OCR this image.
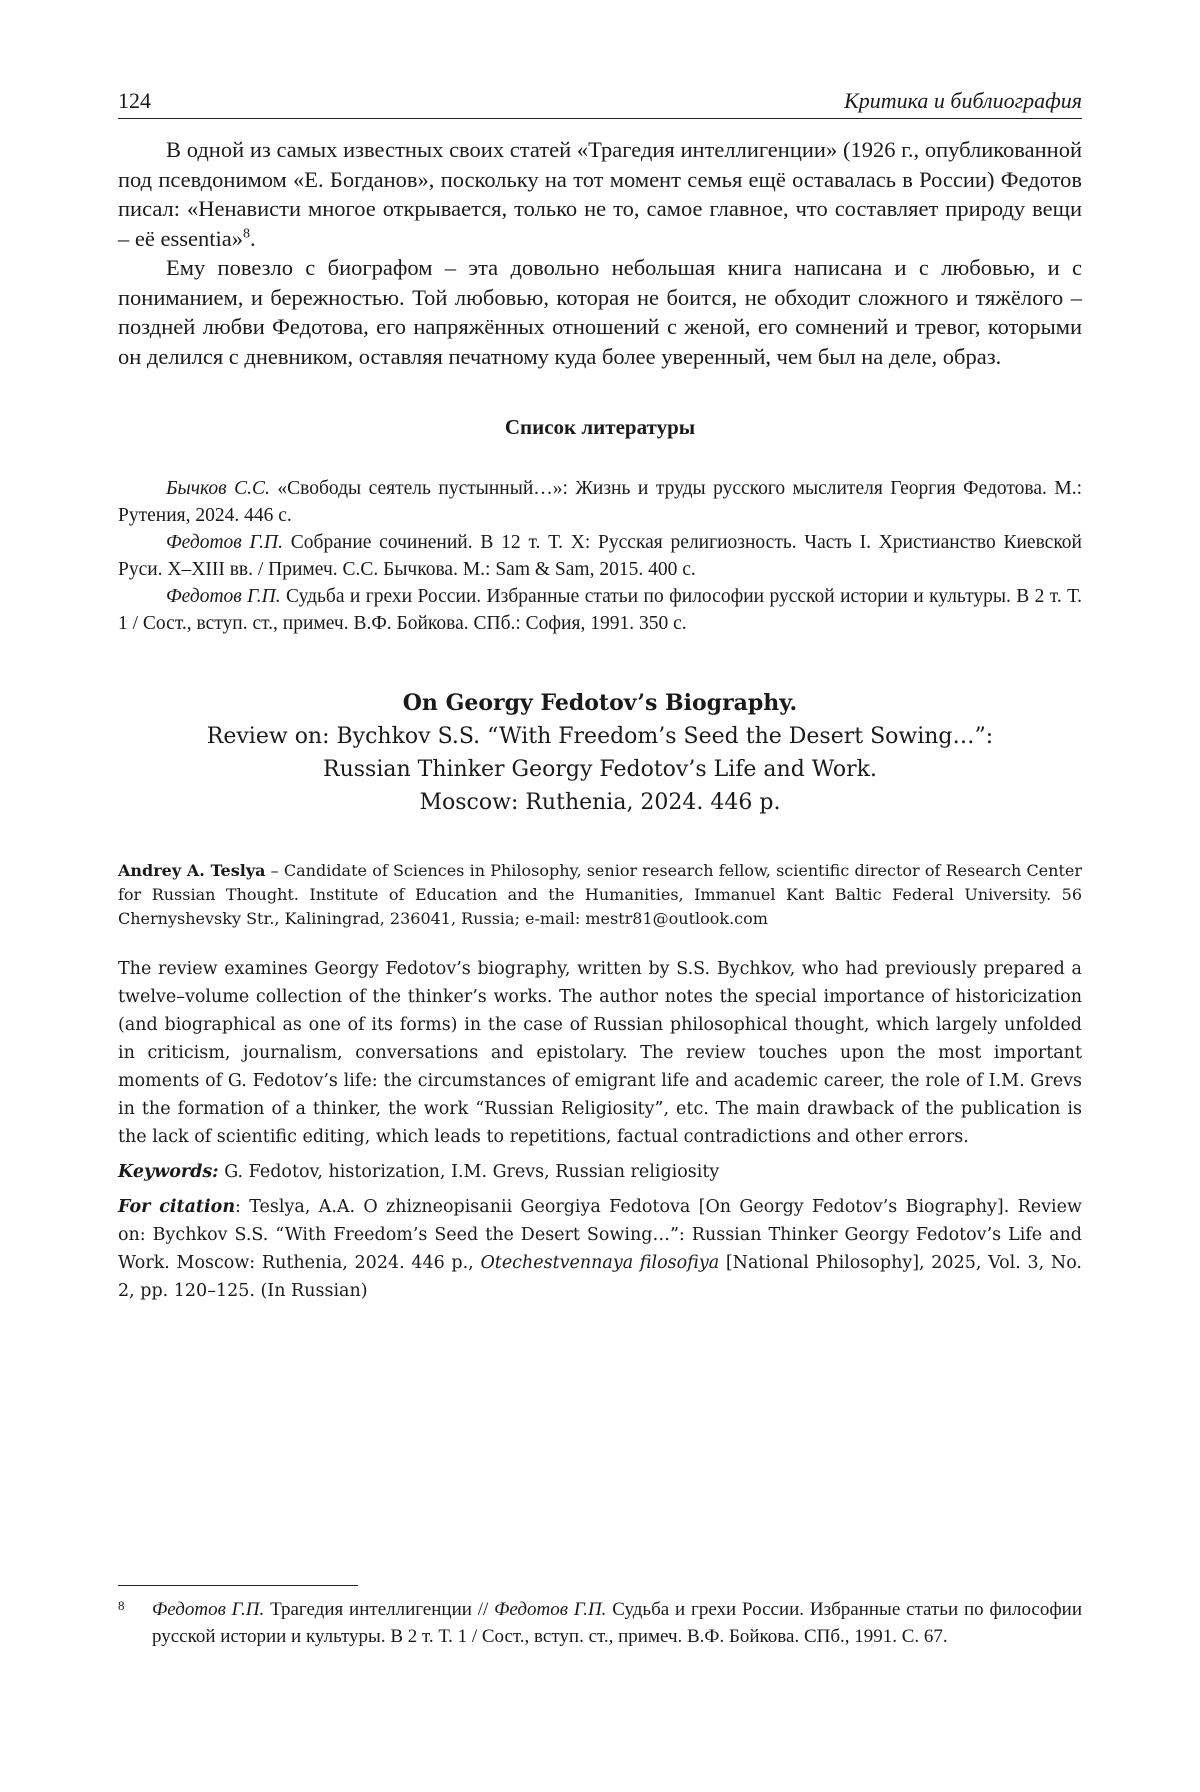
124	Критика и библиография

В одной из самых известных своих статей «Трагедия интеллигенции» (1926 г., опубликованной под псевдонимом «Е. Богданов», поскольку на тот момент семья ещё оставалась в России) Федотов писал: «Ненависти многое открывается, только не то, самое главное, что составляет природу вещи – её essentia»$^8$.

Ему повезло с биографом – эта довольно небольшая книга написана и с любовью, и с пониманием, и бережностью. Той любовью, которая не боится, не обходит сложного и тяжёлого – поздней любви Федотова, его напряжённых отношений с женой, его сомнений и тревог, которыми он делился с дневником, оставляя печатному куда более уверенный, чем был на деле, образ.

Список литературы

Бычков С.С. «Свободы сеятель пустынный…»: Жизнь и труды русского мыслителя Георгия Федотова. М.: Рутения, 2024. 446 с.

Федотов Г.П. Собрание сочинений. В 12 т. Т. X: Русская религиозность. Часть I. Христианство Киевской Руси. X–XIII вв. / Примеч. С.С. Бычкова. М.: Sam & Sam, 2015. 400 с.

Федотов Г.П. Судьба и грехи России. Избранные статьи по философии русской истории и культуры. В 2 т. Т. 1 / Сост., вступ. ст., примеч. В.Ф. Бойкова. СПб.: София, 1991. 350 с.

On Georgy Fedotov’s Biography.
Review on: Bychkov S.S. “With Freedom’s Seed the Desert Sowing…”:
Russian Thinker Georgy Fedotov’s Life and Work.
Moscow: Ruthenia, 2024. 446 p.
Andrey A. Teslya – Candidate of Sciences in Philosophy, senior research fellow, scientific director of Research Center for Russian Thought. Institute of Education and the Humanities, Immanuel Kant Baltic Federal University. 56 Chernyshevsky Str., Kaliningrad, 236041, Russia; e-mail: mestr81@outlook.com
The review examines Georgy Fedotov’s biography, written by S.S. Bychkov, who had previously prepared a twelve–volume collection of the thinker’s works. The author notes the special importance of historicization (and biographical as one of its forms) in the case of Russian philosophical thought, which largely unfolded in criticism, journalism, conversations and epistolary. The review touches upon the most important moments of G. Fedotov’s life: the circumstances of emigrant life and academic career, the role of I.M. Grevs in the formation of a thinker, the work “Russian Religiosity”, etc. The main drawback of the publication is the lack of scientific editing, which leads to repetitions, factual contradictions and other errors.
Keywords: G. Fedotov, historization, I.M. Grevs, Russian religiosity
For citation: Teslya, A.A. O zhizneopisanii Georgiya Fedotova [On Georgy Fedotov’s Biography]. Review on: Bychkov S.S. “With Freedom’s Seed the Desert Sowing…”: Russian Thinker Georgy Fedotov’s Life and Work. Moscow: Ruthenia, 2024. 446 p., Otechestvennaya filosofiya [National Philosophy], 2025, Vol. 3, No. 2, pp. 120–125. (In Russian)
8 Федотов Г.П. Трагедия интеллигенции // Федотов Г.П. Судьба и грехи России. Избранные статьи по философии русской истории и культуры. В 2 т. Т. 1 / Сост., вступ. ст., примеч. В.Ф. Бойкова. СПб., 1991. С. 67.
